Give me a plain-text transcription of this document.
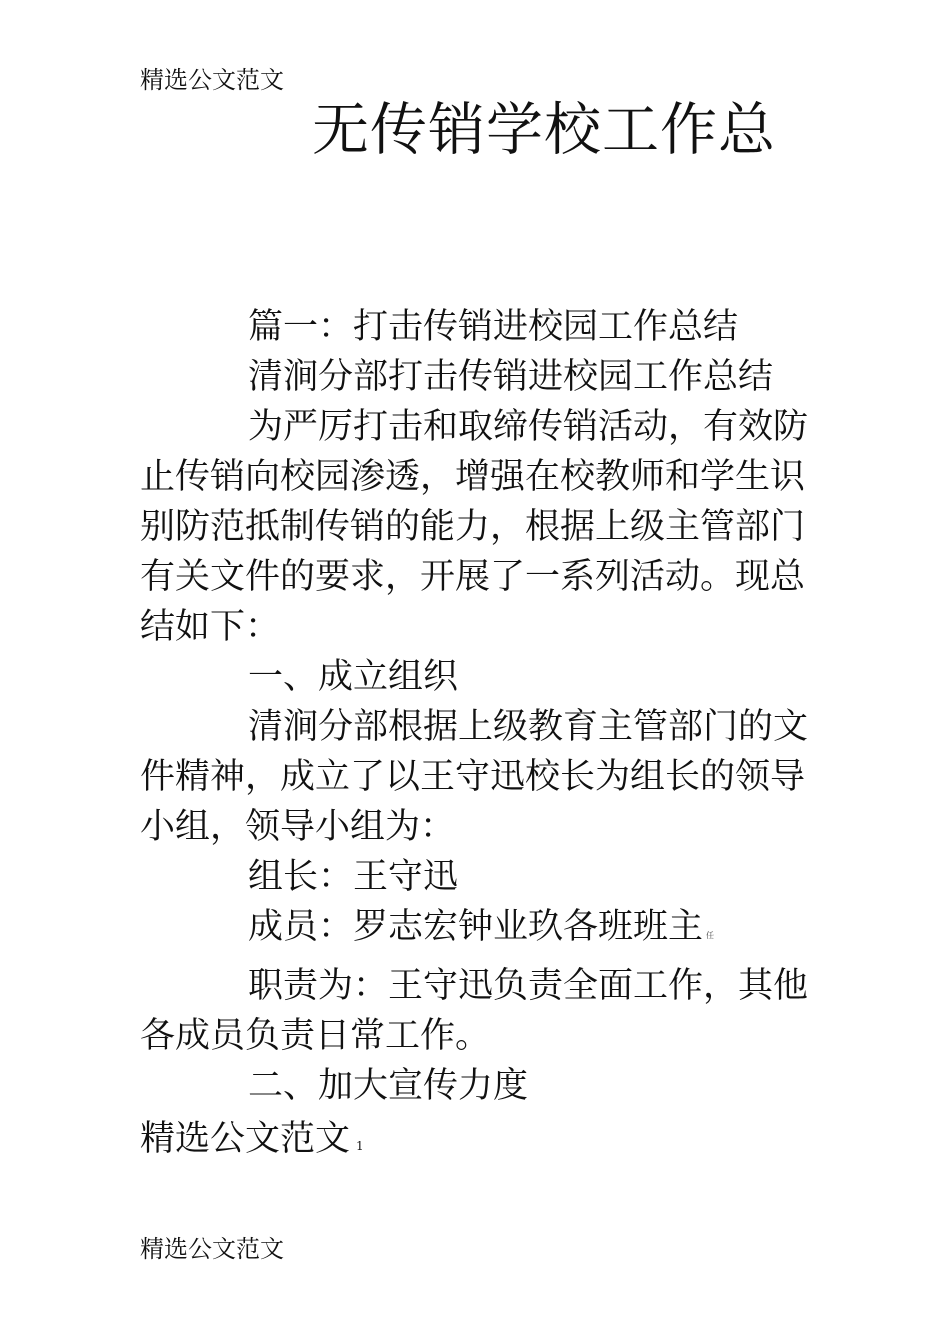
精选公文范文
无传销学校工作总

篇一：打击传销进校园工作总结

清涧分部打击传销进校园工作总结

为严厉打击和取缔传销活动，有效防止传销向校园渗透，增强在校教师和学生识别防范抵制传销的能力，根据上级主管部门有关文件的要求，开展了一系列活动。现总结如下：

一、成立组织

清涧分部根据上级教育主管部门的文件精神，成立了以王守迅校长为组长的领导小组，领导小组为：

组长：王守迅

成员：罗志宏钟业玖各班班主 任

职责为：王守迅负责全面工作，其他各成员负责日常工作。

二、加大宣传力度

精选公文范文 1
精选公文范文
